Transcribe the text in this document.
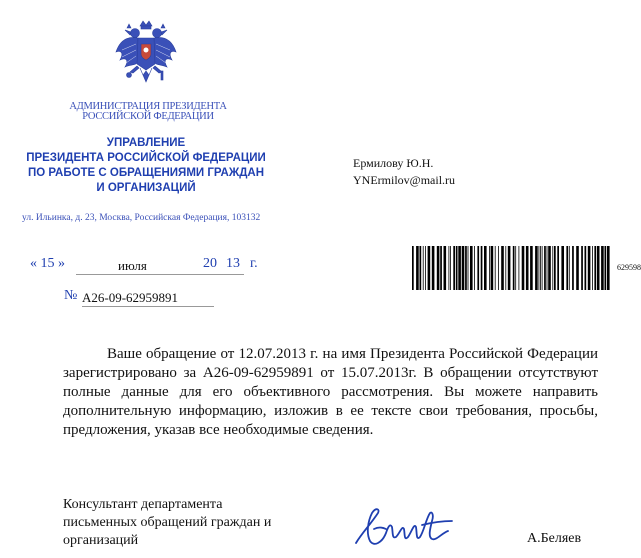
АДМИНИСТРАЦИЯ ПРЕЗИДЕНТА
РОССИЙСКОЙ ФЕДЕРАЦИИ
УПРАВЛЕНИЕ
ПРЕЗИДЕНТА РОССИЙСКОЙ ФЕДЕРАЦИИ
ПО РАБОТЕ С ОБРАЩЕНИЯМИ ГРАЖДАН
И ОРГАНИЗАЦИЙ
ул. Ильинка, д. 23, Москва, Российская Федерация, 103132
Ермилову Ю.Н.
YNErmilov@mail.ru
« 15 »	июля	20 13 г.
№ А26-09-62959891
629598

Ваше обращение от 12.07.2013 г. на имя Президента Российской Федерации зарегистрировано за А26-09-62959891 от 15.07.2013г. В обращении отсутствуют полные данные для его объективного рассмотрения. Вы можете направить дополнительную информацию, изложив в ее тексте свои требования, просьбы, предложения, указав все необходимые сведения.

Консультант департамента
письменных обращений граждан и
организаций	А.Беляев
